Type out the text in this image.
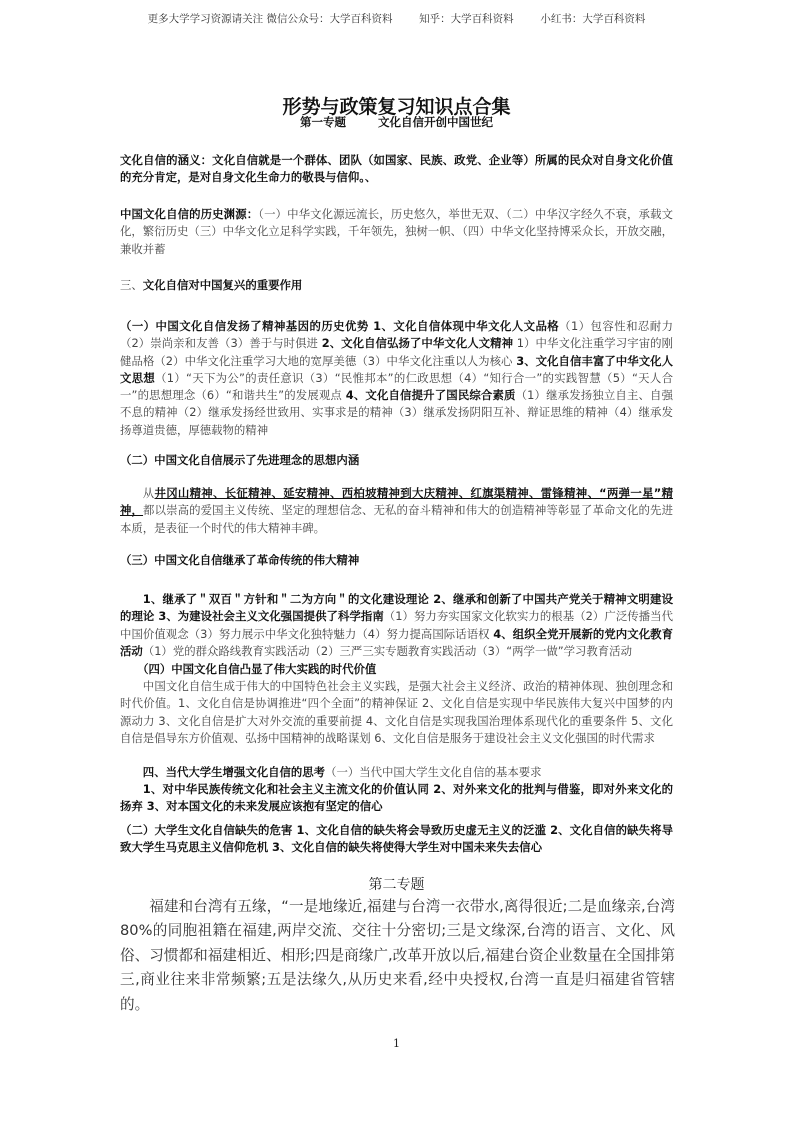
更多大学学习资源请关注 微信公众号：大学百科资料        知乎：大学百科资料        小红书：大学百科资料
形势与政策复习知识点合集
第一专题        文化自信开创中国世纪
文化自信的涵义：文化自信就是一个群体、团队（如国家、民族、政党、企业等）所属的民众对自身文化价值的充分肯定，是对自身文化生命力的敬畏与信仰。、
中国文化自信的历史渊源：（一）中华文化源远流长，历史悠久，举世无双、（二）中华汉字经久不衰，承载文化，繁衍历史（三）中华文化立足科学实践，千年领先，独树一帜、（四）中华文化坚持博采众长，开放交融，兼收并蓄
三、文化自信对中国复兴的重要作用
（一）中国文化自信发扬了精神基因的历史优势 1、文化自信体现中华文化人文品格（1）包容性和忍耐力（2）崇尚亲和友善（3）善于与时俱进 2、文化自信弘扬了中华文化人文精神 1）中华文化注重学习宇宙的刚健品格（2）中华文化注重学习大地的宽厚美德（3）中华文化注重以人为核心 3、文化自信丰富了中华文化人文思想（1）“天下为公”的责任意识（3）“民惟邦本”的仁政思想（4）“知行合一”的实践智慧（5）“天人合一”的思想理念（6）“和谐共生”的发展观点 4、文化自信提升了国民综合素质（1）继承发扬独立自主、自强不息的精神（2）继承发扬经世致用、实事求是的精神（3）继承发扬阴阳互补、辩证思维的精神（4）继承发扬尊道贵德，厚德载物的精神
（二）中国文化自信展示了先进理念的思想内涵
从井冈山精神、长征精神、延安精神、西柏坡精神到大庆精神、红旗渠精神、雷锋精神、“两弹一星”精神，都以崇高的爱国主义传统、坚定的理想信念、无私的奋斗精神和伟大的创造精神等彰显了革命文化的先进本质，是表征一个时代的伟大精神丰碑。
（三）中国文化自信继承了革命传统的伟大精神
1、继承了＂双百＂方针和＂二为方向＂的文化建设理论 2、继承和创新了中国共产党关于精神文明建设的理论 3、为建设社会主义文化强国提供了科学指南（1）努力夯实国家文化软实力的根基（2）广泛传播当代中国价值观念（3）努力展示中华文化独特魅力（4）努力提高国际话语权 4、组织全党开展新的党内文化教育活动（1）党的群众路线教育实践活动（2）三严三实专题教育实践活动（3）“两学一做”学习教育活动
（四）中国文化自信凸显了伟大实践的时代价值
中国文化自信生成于伟大的中国特色社会主义实践，是强大社会主义经济、政治的精神体现、独创理念和时代价值。1、文化自信是协调推进“四个全面”的精神保证 2、文化自信是实现中华民族伟大复兴中国梦的内源动力 3、文化自信是扩大对外交流的重要前提 4、文化自信是实现我国治理体系现代化的重要条件 5、文化自信是倡导东方价值观、弘扬中国精神的战略谋划 6、文化自信是服务于建设社会主义文化强国的时代需求
四、当代大学生增强文化自信的思考（一）当代中国大学生文化自信的基本要求
1、对中华民族传统文化和社会主义主流文化的价值认同 2、对外来文化的批判与借鉴，即对外来文化的扬弃 3、对本国文化的未来发展应该抱有坚定的信心
（二）大学生文化自信缺失的危害 1、文化自信的缺失将会导致历史虚无主义的泛滥 2、文化自信的缺失将导致大学生马克思主义信仰危机 3、文化自信的缺失将使得大学生对中国未来失去信心
第二专题
福建和台湾有五缘，“一是地缘近,福建与台湾一衣带水,离得很近;二是血缘亲,台湾 80%的同胞祖籍在福建,两岸交流、交往十分密切;三是文缘深,台湾的语言、文化、风俗、习惯都和福建相近、相形;四是商缘广,改革开放以后,福建台资企业数量在全国排第三,商业往来非常频繁;五是法缘久,从历史来看,经中央授权,台湾一直是归福建省管辖的。
1
